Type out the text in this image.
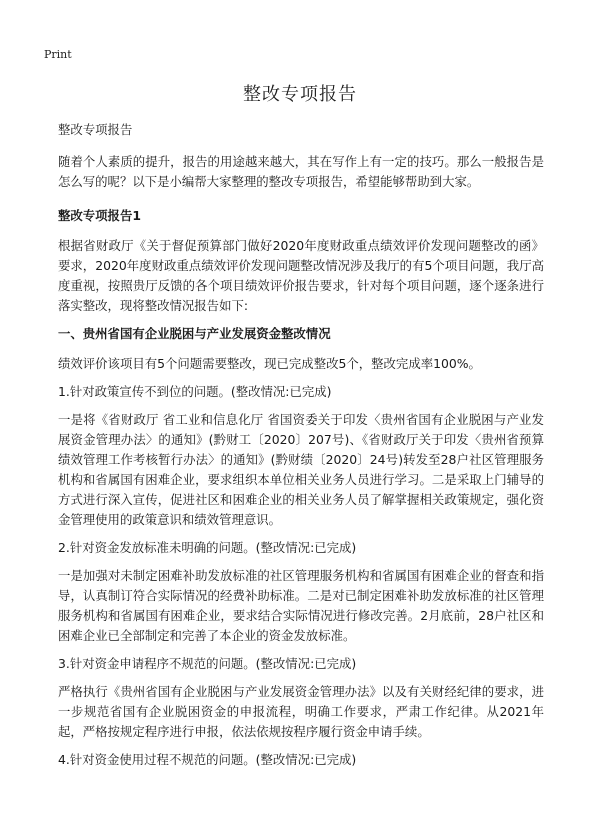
Print
整改专项报告

整改专项报告

随着个人素质的提升，报告的用途越来越大，其在写作上有一定的技巧。那么一般报告是怎么写的呢？以下是小编帮大家整理的整改专项报告，希望能够帮助到大家。

整改专项报告1

根据省财政厅《关于督促预算部门做好2020年度财政重点绩效评价发现问题整改的函》要求，2020年度财政重点绩效评价发现问题整改情况涉及我厅的有5个项目问题，我厅高度重视，按照贵厅反馈的各个项目绩效评价报告要求，针对每个项目问题，逐个逐条进行落实整改，现将整改情况报告如下:

一、贵州省国有企业脱困与产业发展资金整改情况

绩效评价该项目有5个问题需要整改，现已完成整改5个，整改完成率100%。

1.针对政策宣传不到位的问题。(整改情况:已完成)

一是将《省财政厅 省工业和信息化厅 省国资委关于印发〈贵州省国有企业脱困与产业发展资金管理办法〉的通知》(黔财工〔2020〕207号)、《省财政厅关于印发〈贵州省预算绩效管理工作考核暂行办法〉的通知》(黔财绩〔2020〕24号)转发至28户社区管理服务机构和省属国有困难企业，要求组织本单位相关业务人员进行学习。二是采取上门辅导的方式进行深入宣传，促进社区和困难企业的相关业务人员了解掌握相关政策规定，强化资金管理使用的政策意识和绩效管理意识。

2.针对资金发放标准未明确的问题。(整改情况:已完成)

一是加强对未制定困难补助发放标准的社区管理服务机构和省属国有困难企业的督查和指导，认真制订符合实际情况的经费补助标准。二是对已制定困难补助发放标准的社区管理服务机构和省属国有困难企业，要求结合实际情况进行修改完善。2月底前，28户社区和困难企业已全部制定和完善了本企业的资金发放标准。

3.针对资金申请程序不规范的问题。(整改情况:已完成)

严格执行《贵州省国有企业脱困与产业发展资金管理办法》以及有关财经纪律的要求，进一步规范省国有企业脱困资金的申报流程，明确工作要求，严肃工作纪律。从2021年起，严格按规定程序进行申报，依法依规按程序履行资金申请手续。

4.针对资金使用过程不规范的问题。(整改情况:已完成)
